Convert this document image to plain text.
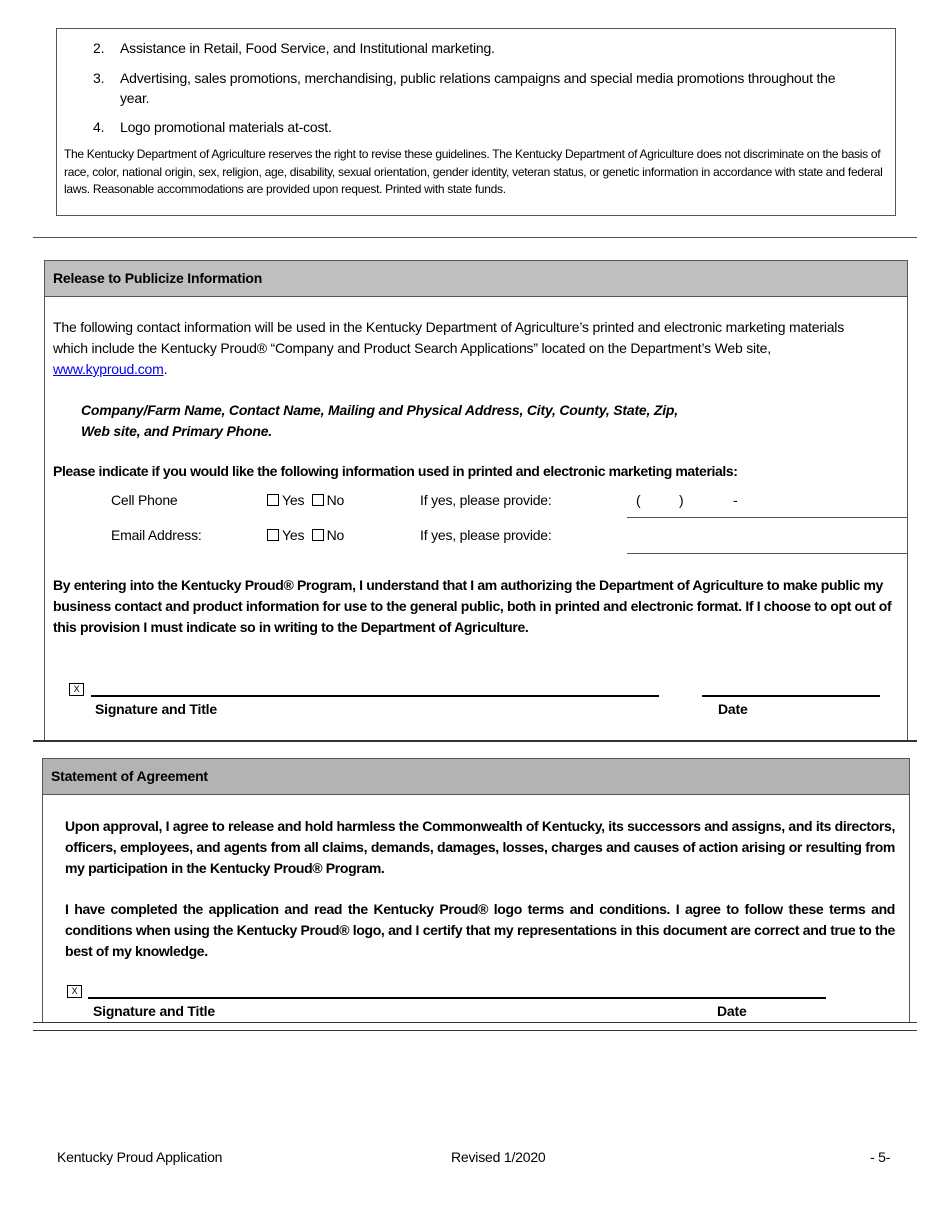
2. Assistance in Retail, Food Service, and Institutional marketing.
3. Advertising, sales promotions, merchandising, public relations campaigns and special media promotions throughout the year.
4. Logo promotional materials at-cost.
The Kentucky Department of Agriculture reserves the right to revise these guidelines. The Kentucky Department of Agriculture does not discriminate on the basis of race, color, national origin, sex, religion, age, disability, sexual orientation, gender identity, veteran status, or genetic information in accordance with state and federal laws. Reasonable accommodations are provided upon request. Printed with state funds.
Release to Publicize Information
The following contact information will be used in the Kentucky Department of Agriculture’s printed and electronic marketing materials which include the Kentucky Proud® “Company and Product Search Applications” located on the Department’s Web site, www.kyproud.com.
Company/Farm Name, Contact Name, Mailing and Physical Address, City, County, State, Zip, Web site, and Primary Phone.
Please indicate if you would like the following information used in printed and electronic marketing materials:
Cell Phone	Yes No	If yes, please provide:	(	)	-
Email Address:	Yes No	If yes, please provide:
By entering into the Kentucky Proud® Program, I understand that I am authorizing the Department of Agriculture to make public my business contact and product information for use to the general public, both in printed and electronic format. If I choose to opt out of this provision I must indicate so in writing to the Department of Agriculture.
X
Signature and Title	Date
Statement of Agreement
Upon approval, I agree to release and hold harmless the Commonwealth of Kentucky, its successors and assigns, and its directors, officers, employees, and agents from all claims, demands, damages, losses, charges and causes of action arising or resulting from my participation in the Kentucky Proud® Program.
I have completed the application and read the Kentucky Proud® logo terms and conditions. I agree to follow these terms and conditions when using the Kentucky Proud® logo, and I certify that my representations in this document are correct and true to the best of my knowledge.
X
Signature and Title	Date
Kentucky Proud Application	Revised 1/2020	- 5-
